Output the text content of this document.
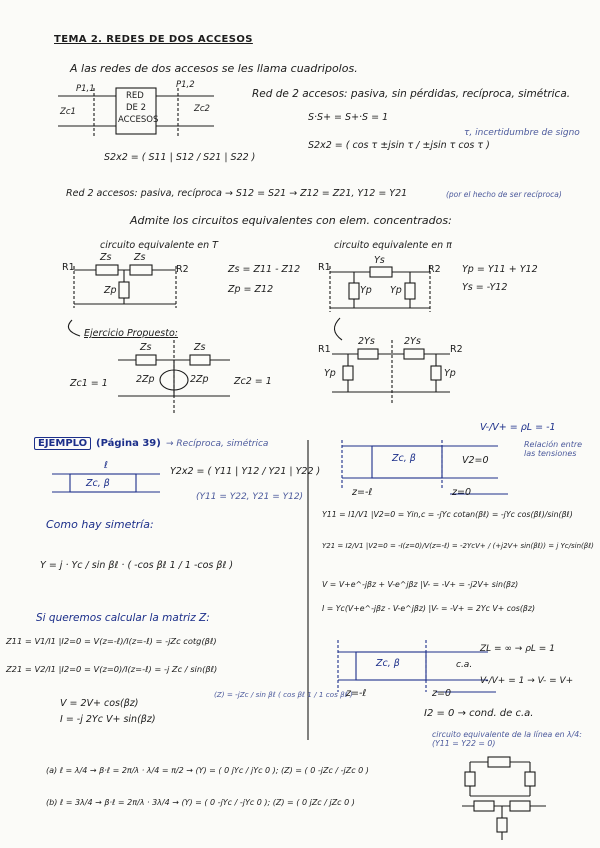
TEMA 2. REDES DE DOS ACCESOS
A las redes de dos accesos se les llama cuadripolos.
RED
DE 2
ACCESOS
P1,1	P1,2
Zc1	Zc2
S2x2 = ( S11 | S12 / S21 | S22 )
Red de 2 accesos: pasiva, sin pérdidas, recíproca, simétrica.
S·S+ = S+·S = 1
S2x2 = ( cos τ ±jsin τ / ±jsin τ cos τ )
τ, incertidumbre de signo
Red 2 accesos: pasiva, recíproca → S12 = S21 → Z12 = Z21, Y12 = Y21	(por el hecho de ser recíproca)
Admite los circuitos equivalentes con elem. concentrados:
circuito equivalente en T
R1	R2
Zs Zs
Zp
Zs = Z11 - Z12
Zp = Z12
circuito equivalente en π
R1	R2
Ys
Yp Yp
Yp = Y11 + Y12
Ys = -Y12
Ejercicio Propuesto:
Zs	Zs
2Zp	2Zp
Zc1 = 1	Zc2 = 1
R1	R2
2Ys	2Ys
Yp	Yp
EJEMPLO (Página 39) → Recíproca, simétrica
Zc, β
ℓ
Y2x2 = ( Y11 | Y12 / Y21 | Y22 )
(Y11 = Y22, Y21 = Y12)
Como hay simetría:
Y = j · Yc / sin βℓ · ( -cos βℓ 1 / 1 -cos βℓ )
Si queremos calcular la matriz Z:
Z11 = V1/I1 |I2=0 = V(z=-ℓ)/I(z=-ℓ) = -jZc cotg(βℓ)
Z21 = V2/I1 |I2=0 = V(z=0)/I(z=-ℓ) = -j Zc / sin(βℓ)
(Z) = -jZc / sin βℓ ( cos βℓ 1 / 1 cos βℓ )
V = 2V+ cos(βz)
I = -j 2Yc V+ sin(βz)
V-/V+ = ρL = -1
Relación entre las tensiones
V2=0
Zc, β
z=-ℓ	z=0
Y11 = I1/V1 |V2=0 = Yin,c = -jYc cotan(βℓ) = -jYc cos(βℓ)/sin(βℓ)
Y21 = I2/V1 |V2=0 = -I(z=0)/V(z=-ℓ) = -2YcV+ / (+j2V+ sin(βℓ)) = j Yc/sin(βℓ)
V = V+e^-jβz + V-e^jβz |V- = -V+ = -j2V+ sin(βz)
I = Yc(V+e^-jβz - V-e^jβz) |V- = -V+ = 2Yc V+ cos(βz)
Zc, β
ZL = ∞ → ρL = 1
c.a.
V-/V+ = 1 → V- = V+
z=-ℓ	z=0
I2 = 0 → cond. de c.a.
(a) ℓ = λ/4 → β·ℓ = 2π/λ · λ/4 = π/2 → (Y) = ( 0 jYc / jYc 0 ); (Z) = ( 0 -jZc / -jZc 0 )
(b) ℓ = 3λ/4 → β·ℓ = 2π/λ · 3λ/4 → (Y) = ( 0 -jYc / -jYc 0 ); (Z) = ( 0 jZc / jZc 0 )
circuito equivalente de la línea en λ/4: (Y11 = Y22 = 0)
